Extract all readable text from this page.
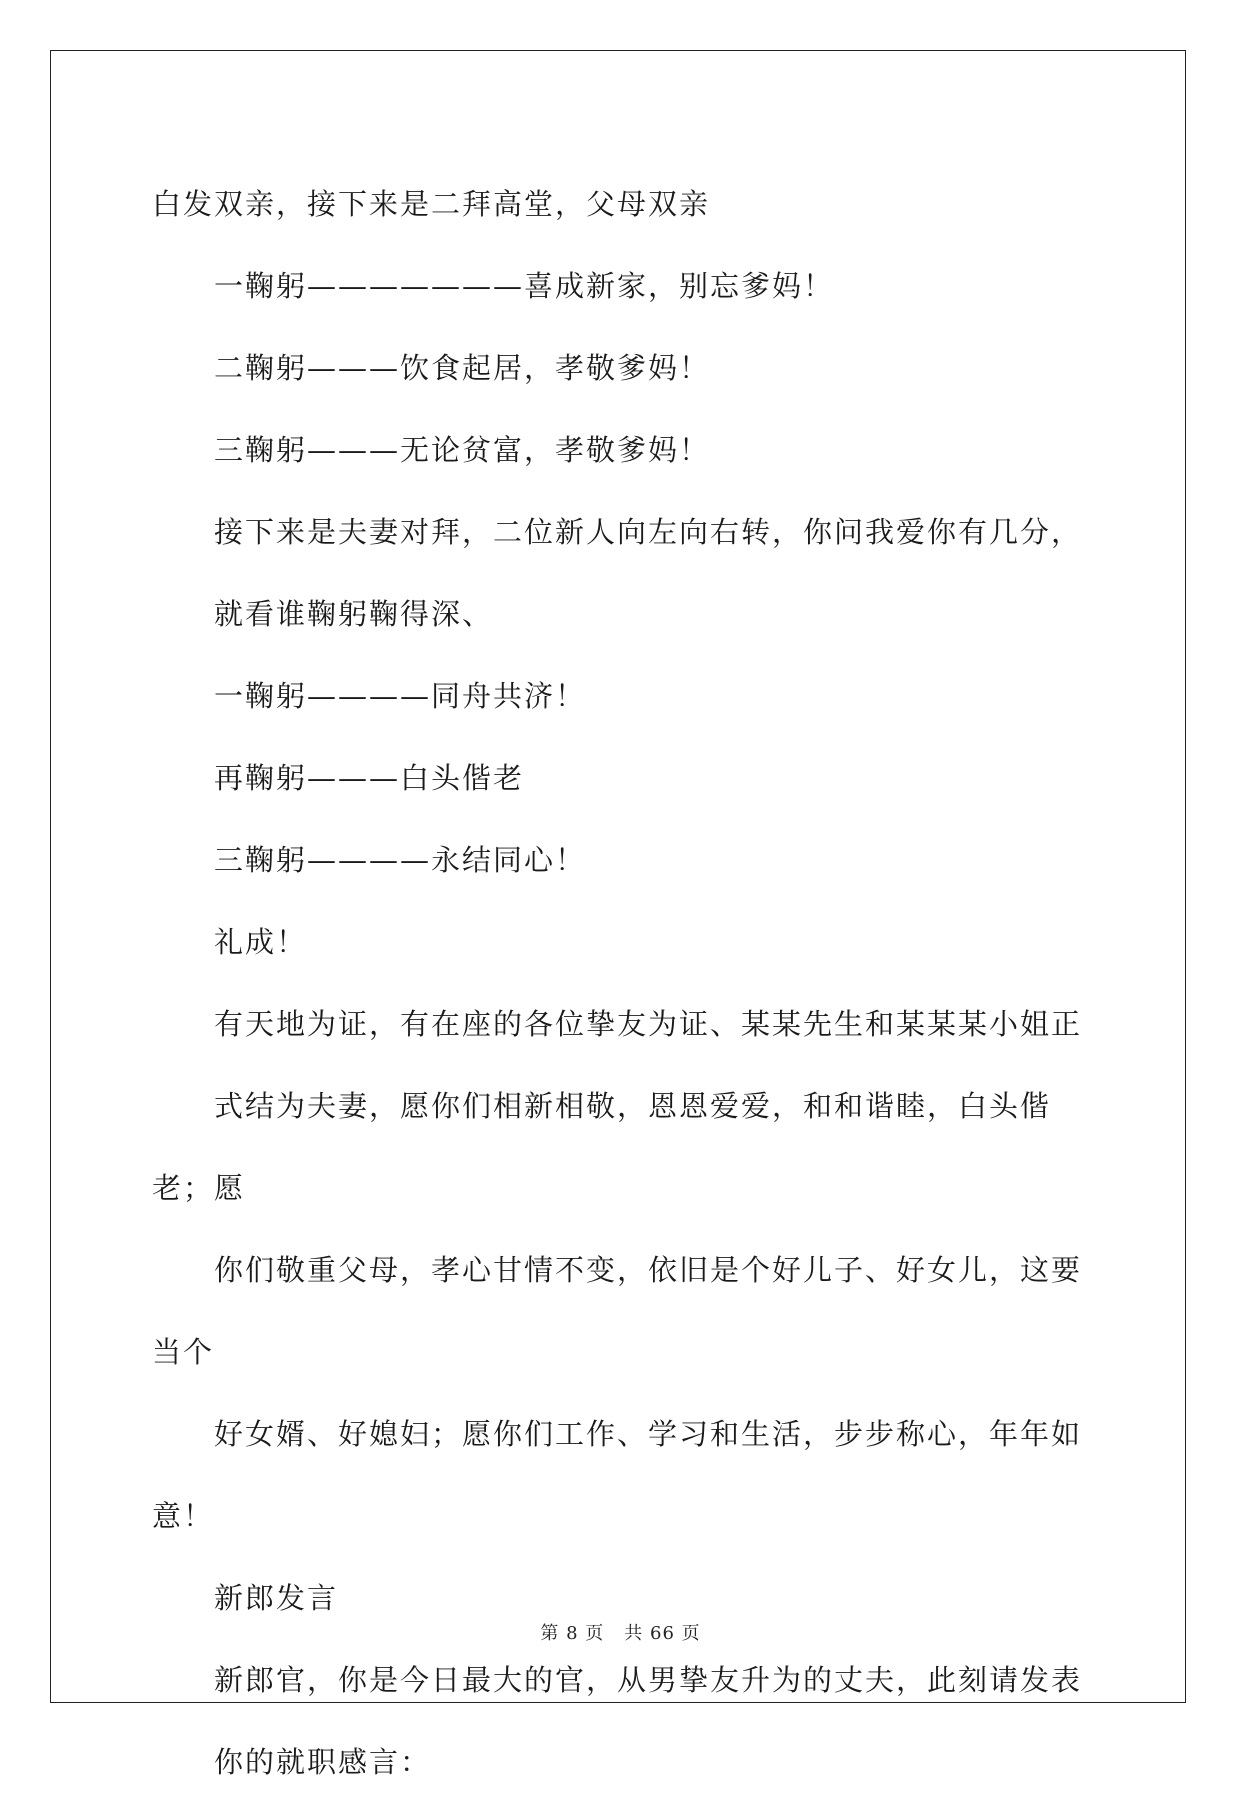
白发双亲，接下来是二拜高堂，父母双亲

一鞠躬———————喜成新家，别忘爹妈！

二鞠躬———饮食起居，孝敬爹妈！

三鞠躬———无论贫富，孝敬爹妈！

接下来是夫妻对拜，二位新人向左向右转，你问我爱你有几分，
就看谁鞠躬鞠得深、

一鞠躬————同舟共济！

再鞠躬———白头偕老

三鞠躬————永结同心！

礼成！

有天地为证，有在座的各位挚友为证、某某先生和某某某小姐正
式结为夫妻，愿你们相新相敬，恩恩爱爱，和和谐睦，白头偕老；愿
你们敬重父母，孝心甘情不变，依旧是个好儿子、好女儿，这要当个
好女婿、好媳妇；愿你们工作、学习和生活，步步称心，年年如意！

新郎发言

新郎官，你是今日最大的官，从男挚友升为的丈夫，此刻请发表
你的就职感言：

第 8 页 共 66 页
